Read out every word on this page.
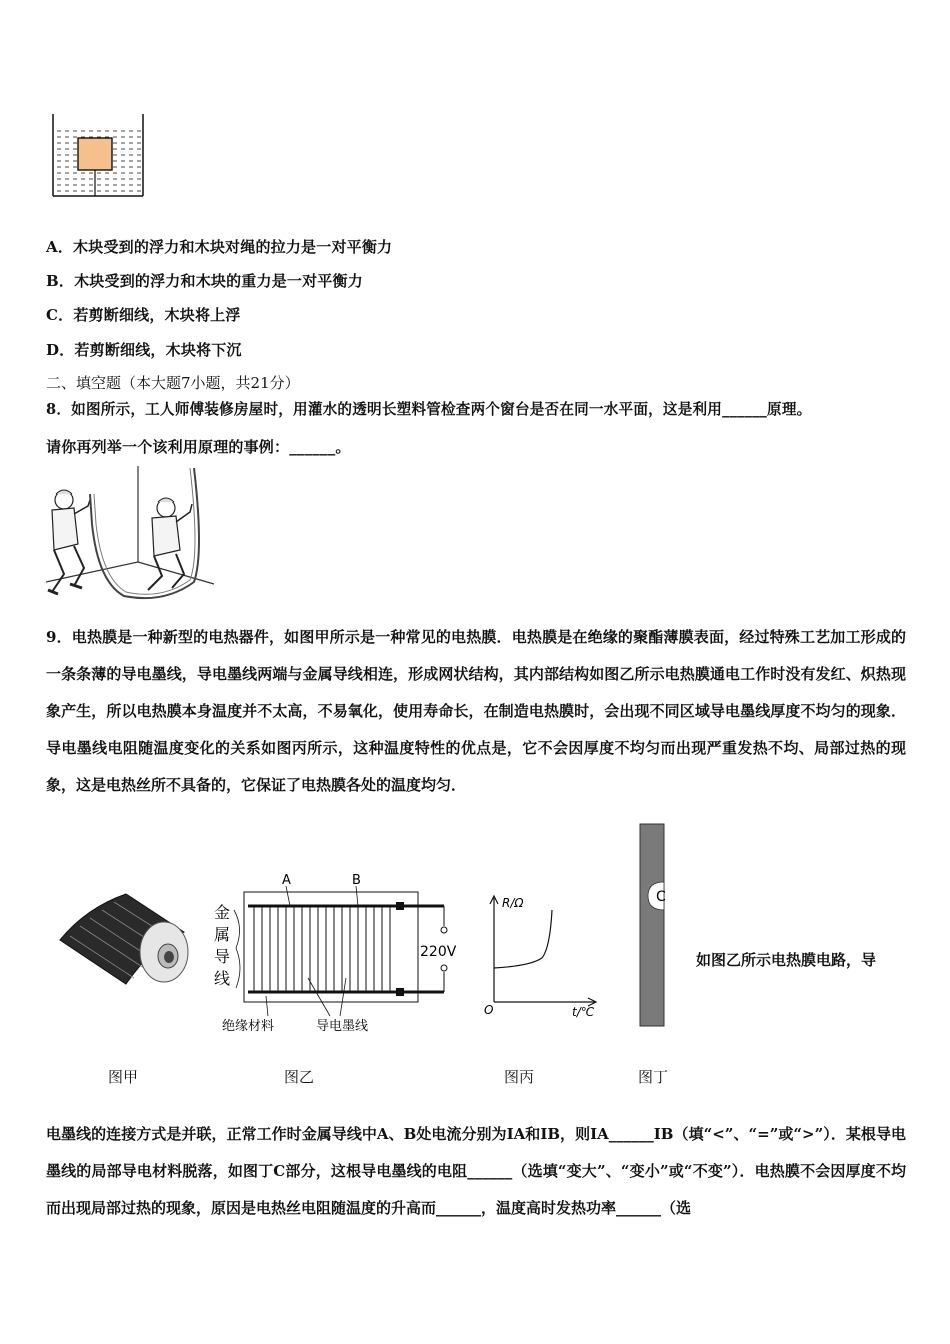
A．木块受到的浮力和木块对绳的拉力是一对平衡力
B．木块受到的浮力和木块的重力是一对平衡力
C．若剪断细线，木块将上浮
D．若剪断细线，木块将下沉
二、填空题（本大题7小题，共21分）
8．如图所示，工人师傅装修房屋时，用灌水的透明长塑料管检查两个窗台是否在同一水平面，这是利用______原理。
请你再列举一个该利用原理的事例：______。
9．电热膜是一种新型的电热器件，如图甲所示是一种常见的电热膜．电热膜是在绝缘的聚酯薄膜表面，经过特殊工艺加工形成的一条条薄的导电墨线，导电墨线两端与金属导线相连，形成网状结构，其内部结构如图乙所示电热膜通电工作时没有发红、炽热现象产生，所以电热膜本身温度并不太高，不易氧化，使用寿命长，在制造电热膜时，会出现不同区域导电墨线厚度不均匀的现象．导电墨线电阻随温度变化的关系如图丙所示，这种温度特性的优点是，它不会因厚度不均匀而出现严重发热不均、局部过热的现象，这是电热丝所不具备的，它保证了电热膜各处的温度均匀．
220V
A	B
金
属
导
线
绝缘材料	导电墨线
R/Ω
t/℃
O
C
如图乙所示电热膜电路，导
图甲	图乙	图丙	图丁
电墨线的连接方式是并联，正常工作时金属导线中A、B处电流分别为IA和IB，则IA______IB（填“<”、“=”或“>”）．某根导电墨线的局部导电材料脱落，如图丁C部分，这根导电墨线的电阻______（选填“变大”、“变小”或“不变”）．电热膜不会因厚度不均而出现局部过热的现象，原因是电热丝电阻随温度的升高而______，温度高时发热功率______（选
